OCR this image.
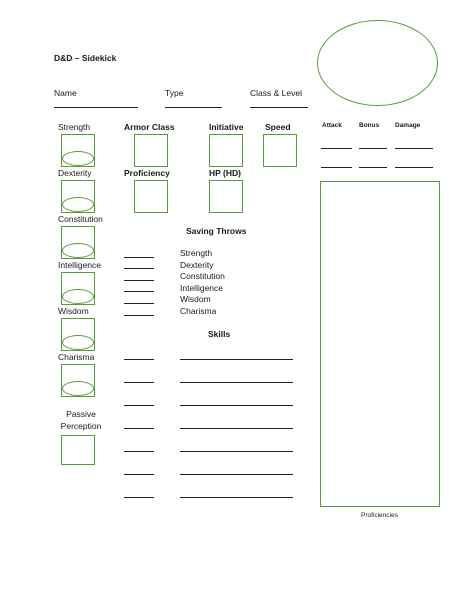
D&D – Sidekick
Name	Type	Class & Level
Strength
Dexterity
Constitution
Intelligence
Wisdom
Charisma
Passive
Perception
Armor Class	Initiative	Speed
Proficiency	HP (HD)
Saving Throws
Strength
Dexterity
Constitution
Intelligence
Wisdom
Charisma
Skills
Attack	Bonus Damage
Proficiencies
